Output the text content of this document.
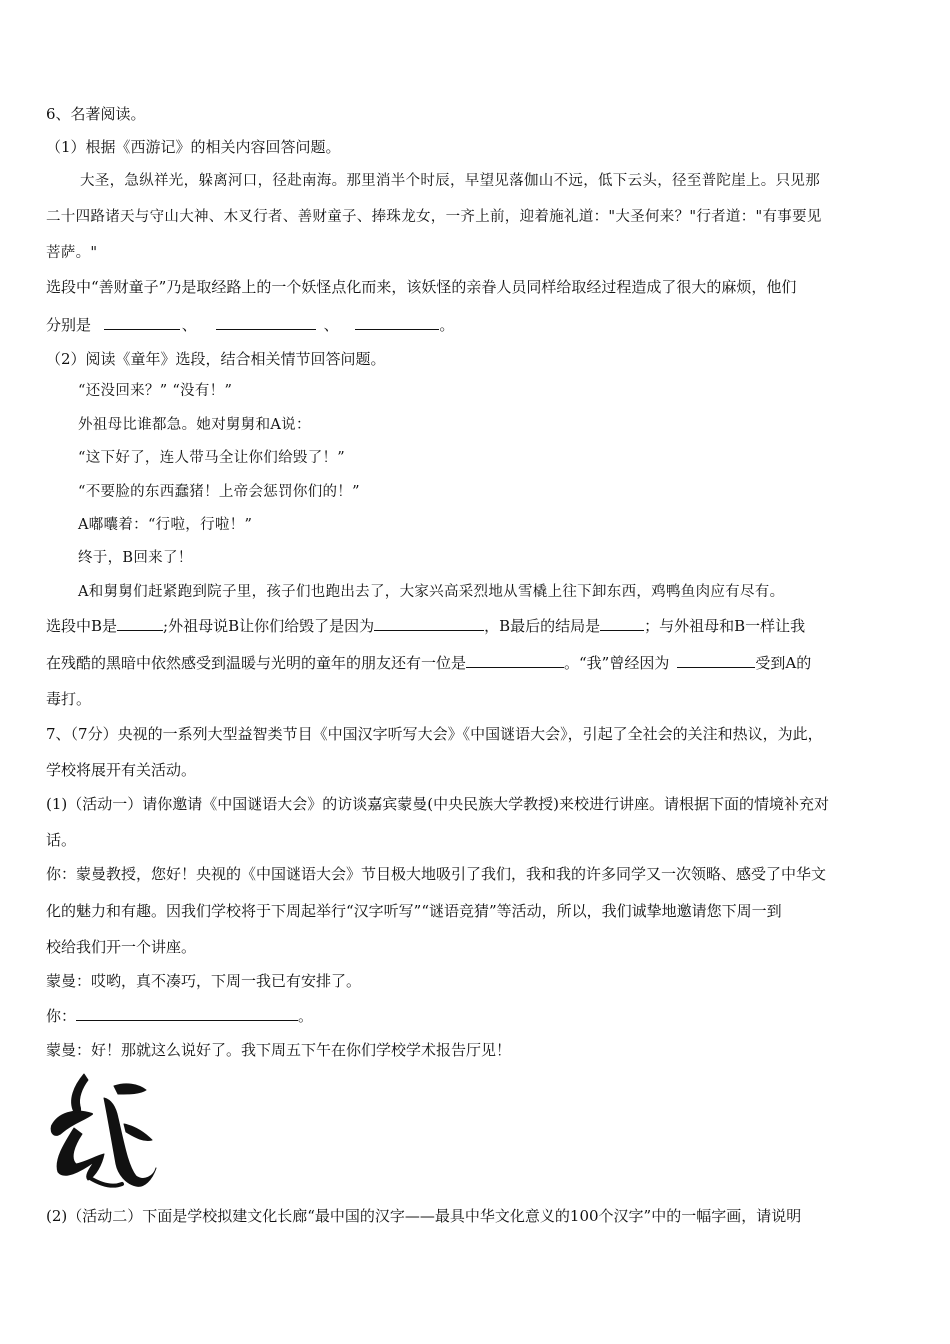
6、名著阅读。
（1）根据《西游记》的相关内容回答问题。
大圣，急纵祥光，躲离河口，径赴南海。那里消半个时辰，早望见落伽山不远，低下云头，径至普陀崖上。只见那
二十四路诸天与守山大神、木叉行者、善财童子、捧珠龙女，一齐上前，迎着施礼道："大圣何来？"行者道："有事要见
菩萨。"
选段中“善财童子”乃是取经路上的一个妖怪点化而来，该妖怪的亲眷人员同样给取经过程造成了很大的麻烦，他们
分别是	、	、	。
（2）阅读《童年》选段，结合相关情节回答问题。
“还没回来？” “没有！”
外祖母比谁都急。她对舅舅和A说：
“这下好了，连人带马全让你们给毁了！”
“不要脸的东西蠢猪！上帝会惩罚你们的！”
A嘟囔着：“行啦，行啦！”
终于，B回来了！
A和舅舅们赶紧跑到院子里，孩子们也跑出去了，大家兴高采烈地从雪橇上往下卸东西，鸡鸭鱼肉应有尽有。
选段中B是	;外祖母说B让你们给毁了是因为	，B最后的结局是	；与外祖母和B一样让我
在残酷的黑暗中依然感受到温暖与光明的童年的朋友还有一位是	。“我”曾经因为	受到A的
毒打。
7、（7分）央视的一系列大型益智类节目《中国汉字听写大会》《中国谜语大会》，引起了全社会的关注和热议，为此，
学校将展开有关活动。
(1)（活动一）请你邀请《中国谜语大会》的访谈嘉宾蒙曼(中央民族大学教授)来校进行讲座。请根据下面的情境补充对
话。
你：蒙曼教授，您好！央视的《中国谜语大会》节目极大地吸引了我们，我和我的许多同学又一次领略、感受了中华文
化的魅力和有趣。因我们学校将于下周起举行“汉字听写”“谜语竞猜”等活动，所以，我们诚挚地邀请您下周一到
校给我们开一个讲座。
蒙曼：哎哟，真不凑巧，下周一我已有安排了。
你：	。
蒙曼：好！那就这么说好了。我下周五下午在你们学校学术报告厅见！
(2)（活动二）下面是学校拟建文化长廊“最中国的汉字——最具中华文化意义的100个汉字”中的一幅字画，请说明
